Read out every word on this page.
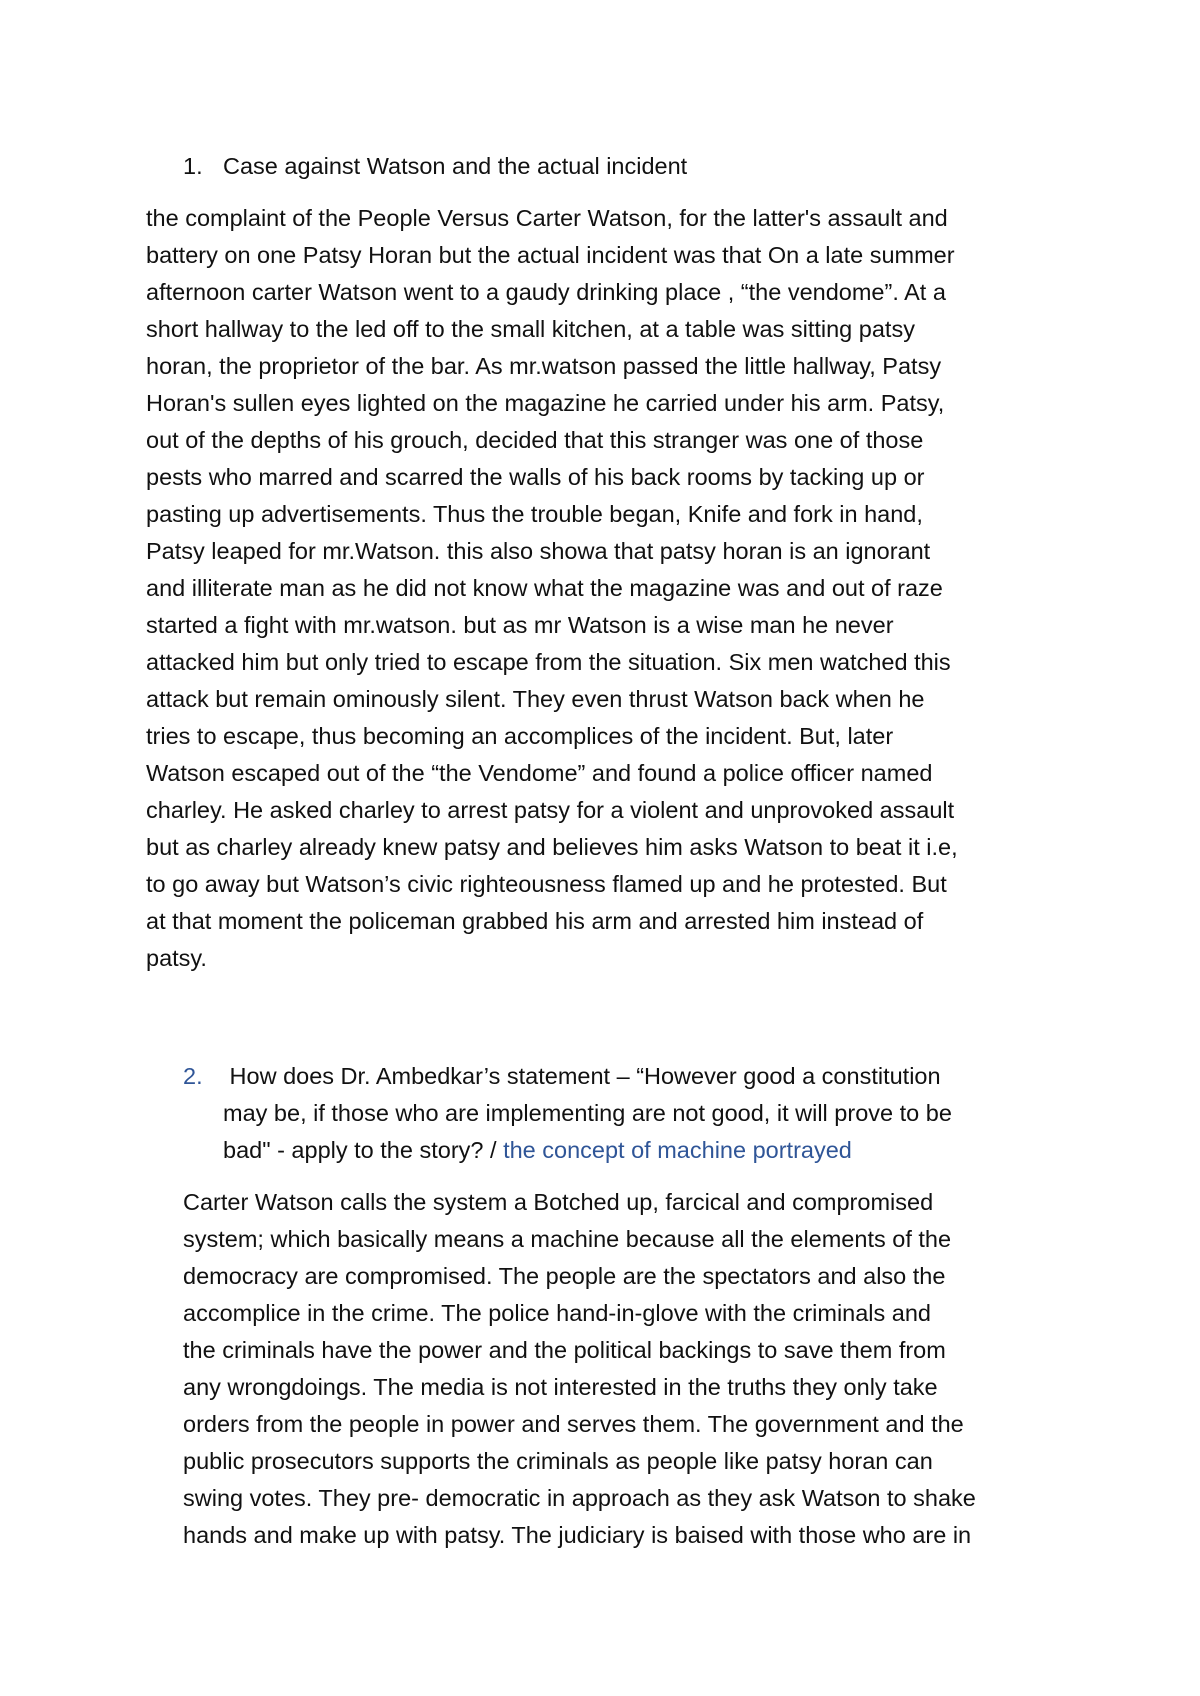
1. Case against Watson and the actual incident
the complaint of the People Versus Carter Watson, for the latter's assault and
battery on one Patsy Horan but the actual incident was that On a late summer
afternoon carter Watson went to a gaudy drinking place , “the vendome”. At a
short hallway to the led off to the small kitchen, at a table was sitting patsy
horan, the proprietor of the bar. As mr.watson passed the little hallway, Patsy
Horan's sullen eyes lighted on the magazine he carried under his arm. Patsy,
out of the depths of his grouch, decided that this stranger was one of those
pests who marred and scarred the walls of his back rooms by tacking up or
pasting up advertisements. Thus the trouble began, Knife and fork in hand,
Patsy leaped for mr.Watson. this also showa that patsy horan is an ignorant
and illiterate man as he did not know what the magazine was and out of raze
started a fight with mr.watson. but as mr Watson is a wise man he never
attacked him but only tried to escape from the situation. Six men watched this
attack but remain ominously silent. They even thrust Watson back when he
tries to escape, thus becoming an accomplices of the incident. But, later
Watson escaped out of the “the Vendome” and found a police officer named
charley. He asked charley to arrest patsy for a violent and unprovoked assault
but as charley already knew patsy and believes him asks Watson to beat it i.e,
to go away but Watson’s civic righteousness flamed up and he protested. But
at that moment the policeman grabbed his arm and arrested him instead of
patsy.
2. How does Dr. Ambedkar’s statement – “However good a constitution
may be, if those who are implementing are not good, it will prove to be
bad" - apply to the story? / the concept of machine portrayed
Carter Watson calls the system a Botched up, farcical and compromised
system; which basically means a machine because all the elements of the
democracy are compromised. The people are the spectators and also the
accomplice in the crime. The police hand-in-glove with the criminals and
the criminals have the power and the political backings to save them from
any wrongdoings. The media is not interested in the truths they only take
orders from the people in power and serves them. The government and the
public prosecutors supports the criminals as people like patsy horan can
swing votes. They pre- democratic in approach as they ask Watson to shake
hands and make up with patsy. The judiciary is baised with those who are in
